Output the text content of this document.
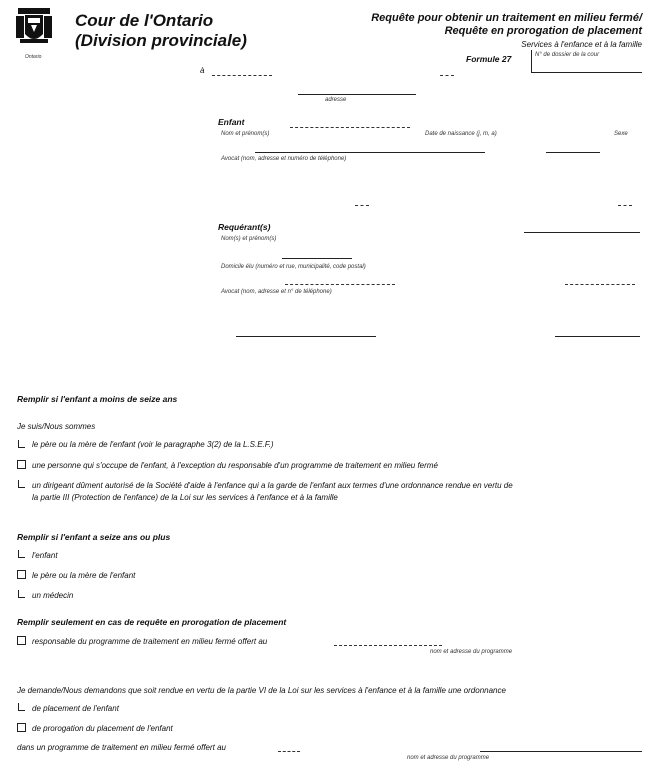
Ontario
Cour de l'Ontario
(Division provinciale)
Requête pour obtenir un traitement en milieu fermé/
Requête en prorogation de placement
Services à l'enfance et à la famille
Formule 27	N° de dossier de la cour
à
adresse
Enfant
Nom et prénom(s)	Date de naissance (j, m, a)	Sexe
Avocat (nom, adresse et numéro de téléphone)
Requérant(s)
Nom(s) et prénom(s)
Domicile élu (numéro et rue, municipalité, code postal)
Avocat (nom, adresse et n° de téléphone)
Remplir si l'enfant a moins de seize ans
Je suis/Nous sommes
le père ou la mère de l'enfant (voir le paragraphe 3(2) de la L.S.E.F.)
une personne qui s'occupe de l'enfant, à l'exception du responsable d'un programme de traitement en milieu fermé
un dirigeant dûment autorisé de la Société d'aide à l'enfance qui a la garde de l'enfant aux termes d'une ordonnance rendue en vertu de
la partie III (Protection de l'enfance) de la Loi sur les services à l'enfance et à la famille
Remplir si l'enfant a seize ans ou plus
l'enfant
le père ou la mère de l'enfant
un médecin
Remplir seulement en cas de requête en prorogation de placement
responsable du programme de traitement en milieu fermé offert au
nom et adresse du programme
Je demande/Nous demandons que soit rendue en vertu de la partie VI de la Loi sur les services à l'enfance et à la famille une ordonnance
de placement de l'enfant
de prorogation du placement de l'enfant
dans un programme de traitement en milieu fermé offert au
nom et adresse du programme
